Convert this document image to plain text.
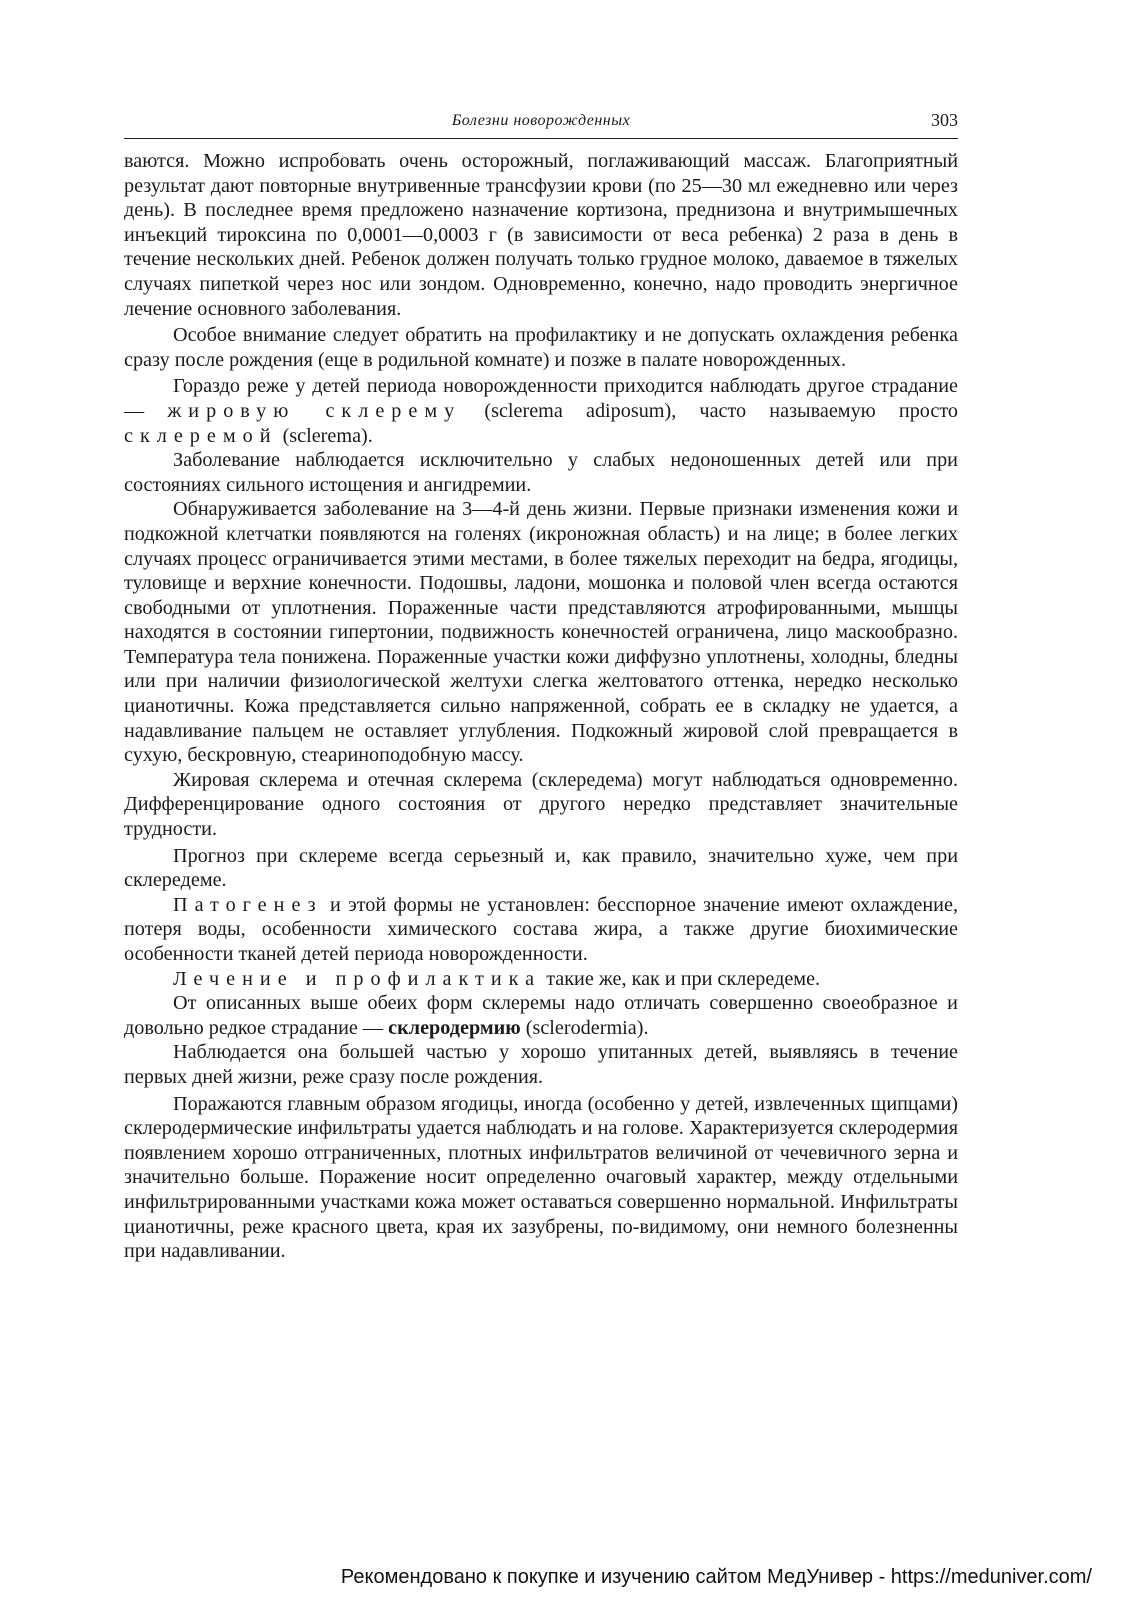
Болезни новорожденных	303

ваются. Можно испробовать очень осторожный, поглаживающий массаж. Благоприятный результат дают повторные внутривенные трансфузии крови (по 25—30 мл ежедневно или через день). В последнее время предложено назначение кортизона, преднизона и внутримышечных инъекций тироксина по 0,0001—0,0003 г (в зависимости от веса ребенка) 2 раза в день в течение нескольких дней. Ребенок должен получать только грудное молоко, даваемое в тяжелых случаях пипеткой через нос или зондом. Одновременно, конечно, надо проводить энергичное лечение основного заболевания.

Особое внимание следует обратить на профилактику и не допускать охлаждения ребенка сразу после рождения (еще в родильной комнате) и позже в палате новорожденных.

Гораздо реже у детей периода новорожденности приходится наблюдать другое страдание — жировую склерему (sclerema adiposum), часто называемую просто склеремой (sclerema).

Заболевание наблюдается исключительно у слабых недоношенных детей или при состояниях сильного истощения и ангидремии.

Обнаруживается заболевание на 3—4-й день жизни. Первые признаки изменения кожи и подкожной клетчатки появляются на голенях (икроножная область) и на лице; в более легких случаях процесс ограничивается этими местами, в более тяжелых переходит на бедра, ягодицы, туловище и верхние конечности. Подошвы, ладони, мошонка и половой член всегда остаются свободными от уплотнения. Пораженные части представляются атрофированными, мышцы находятся в состоянии гипертонии, подвижность конечностей ограничена, лицо маскообразно. Температура тела понижена. Пораженные участки кожи диффузно уплотнены, холодны, бледны или при наличии физиологической желтухи слегка желтоватого оттенка, нередко несколько цианотичны. Кожа представляется сильно напряженной, собрать ее в складку не удается, а надавливание пальцем не оставляет углубления. Подкожный жировой слой превращается в сухую, бескровную, стеариноподобную массу.

Жировая склерема и отечная склерема (склередема) могут наблюдаться одновременно. Дифференцирование одного состояния от другого нередко представляет значительные трудности.

Прогноз при склереме всегда серьезный и, как правило, значительно хуже, чем при склередеме.

Патогенез и этой формы не установлен: бесспорное значение имеют охлаждение, потеря воды, особенности химического состава жира, а также другие биохимические особенности тканей детей периода новорожденности.

Лечение и профилактика такие же, как и при склередеме.

От описанных выше обеих форм склеремы надо отличать совершенно своеобразное и довольно редкое страдание — склеродермию (sclerodermia).

Наблюдается она большей частью у хорошо упитанных детей, выявляясь в течение первых дней жизни, реже сразу после рождения.

Поражаются главным образом ягодицы, иногда (особенно у детей, извлеченных щипцами) склеродермические инфильтраты удается наблюдать и на голове. Характеризуется склеродермия появлением хорошо отграниченных, плотных инфильтратов величиной от чечевичного зерна и значительно больше. Поражение носит определенно очаговый характер, между отдельными инфильтрированными участками кожа может оставаться совершенно нормальной. Инфильтраты цианотичны, реже красного цвета, края их зазубрены, по-видимому, они немного болезненны при надавливании.

Рекомендовано к покупке и изучению сайтом МедУнивер - https://meduniver.com/
